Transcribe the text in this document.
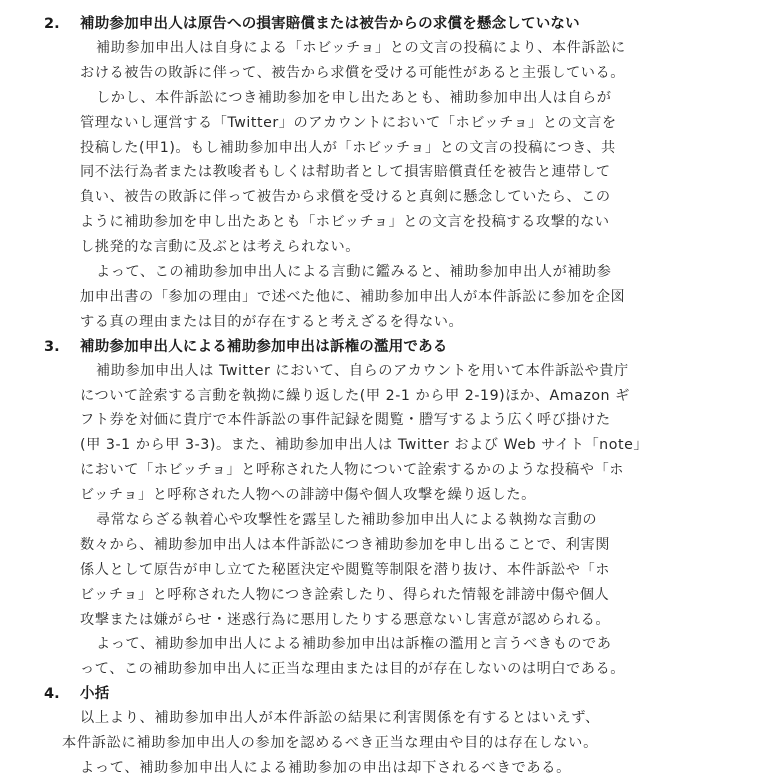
2. 補助参加申出人は原告への損害賠償または被告からの求償を懸念していない
補助参加申出人は自身による「ホビッチョ」との文言の投稿により、本件訴訟に
おける被告の敗訴に伴って、被告から求償を受ける可能性があると主張している。
しかし、本件訴訟につき補助参加を申し出たあとも、補助参加申出人は自らが
管理ないし運営する「Twitter」のアカウントにおいて「ホビッチョ」との文言を
投稿した(甲1)。もし補助参加申出人が「ホビッチョ」との文言の投稿につき、共
同不法行為者または教唆者もしくは幇助者として損害賠償責任を被告と連帯して
負い、被告の敗訴に伴って被告から求償を受けると真剣に懸念していたら、この
ように補助参加を申し出たあとも「ホビッチョ」との文言を投稿する攻撃的ない
し挑発的な言動に及ぶとは考えられない。
よって、この補助参加申出人による言動に鑑みると、補助参加申出人が補助参
加申出書の「参加の理由」で述べた他に、補助参加申出人が本件訴訟に参加を企図
する真の理由または目的が存在すると考えざるを得ない。
3. 補助参加申出人による補助参加申出は訴権の濫用である
補助参加申出人は Twitter において、自らのアカウントを用いて本件訴訟や貴庁
について詮索する言動を執拗に繰り返した(甲 2-1 から甲 2-19)ほか、Amazon ギ
フト券を対価に貴庁で本件訴訟の事件記録を閲覧・謄写するよう広く呼び掛けた
(甲 3-1 から甲 3-3)。また、補助参加申出人は Twitter および Web サイト「note」
において「ホビッチョ」と呼称された人物について詮索するかのような投稿や「ホ
ビッチョ」と呼称された人物への誹謗中傷や個人攻撃を繰り返した。
尋常ならざる執着心や攻撃性を露呈した補助参加申出人による執拗な言動の
数々から、補助参加申出人は本件訴訟につき補助参加を申し出ることで、利害関
係人として原告が申し立てた秘匿決定や閲覧等制限を潜り抜け、本件訴訟や「ホ
ビッチョ」と呼称された人物につき詮索したり、得られた情報を誹謗中傷や個人
攻撃または嫌がらせ・迷惑行為に悪用したりする悪意ないし害意が認められる。
よって、補助参加申出人による補助参加申出は訴権の濫用と言うべきものであ
って、この補助参加申出人に正当な理由または目的が存在しないのは明白である。
4. 小括
以上より、補助参加申出人が本件訴訟の結果に利害関係を有するとはいえず、
本件訴訟に補助参加申出人の参加を認めるべき正当な理由や目的は存在しない。
よって、補助参加申出人による補助参加の申出は却下されるべきである。
